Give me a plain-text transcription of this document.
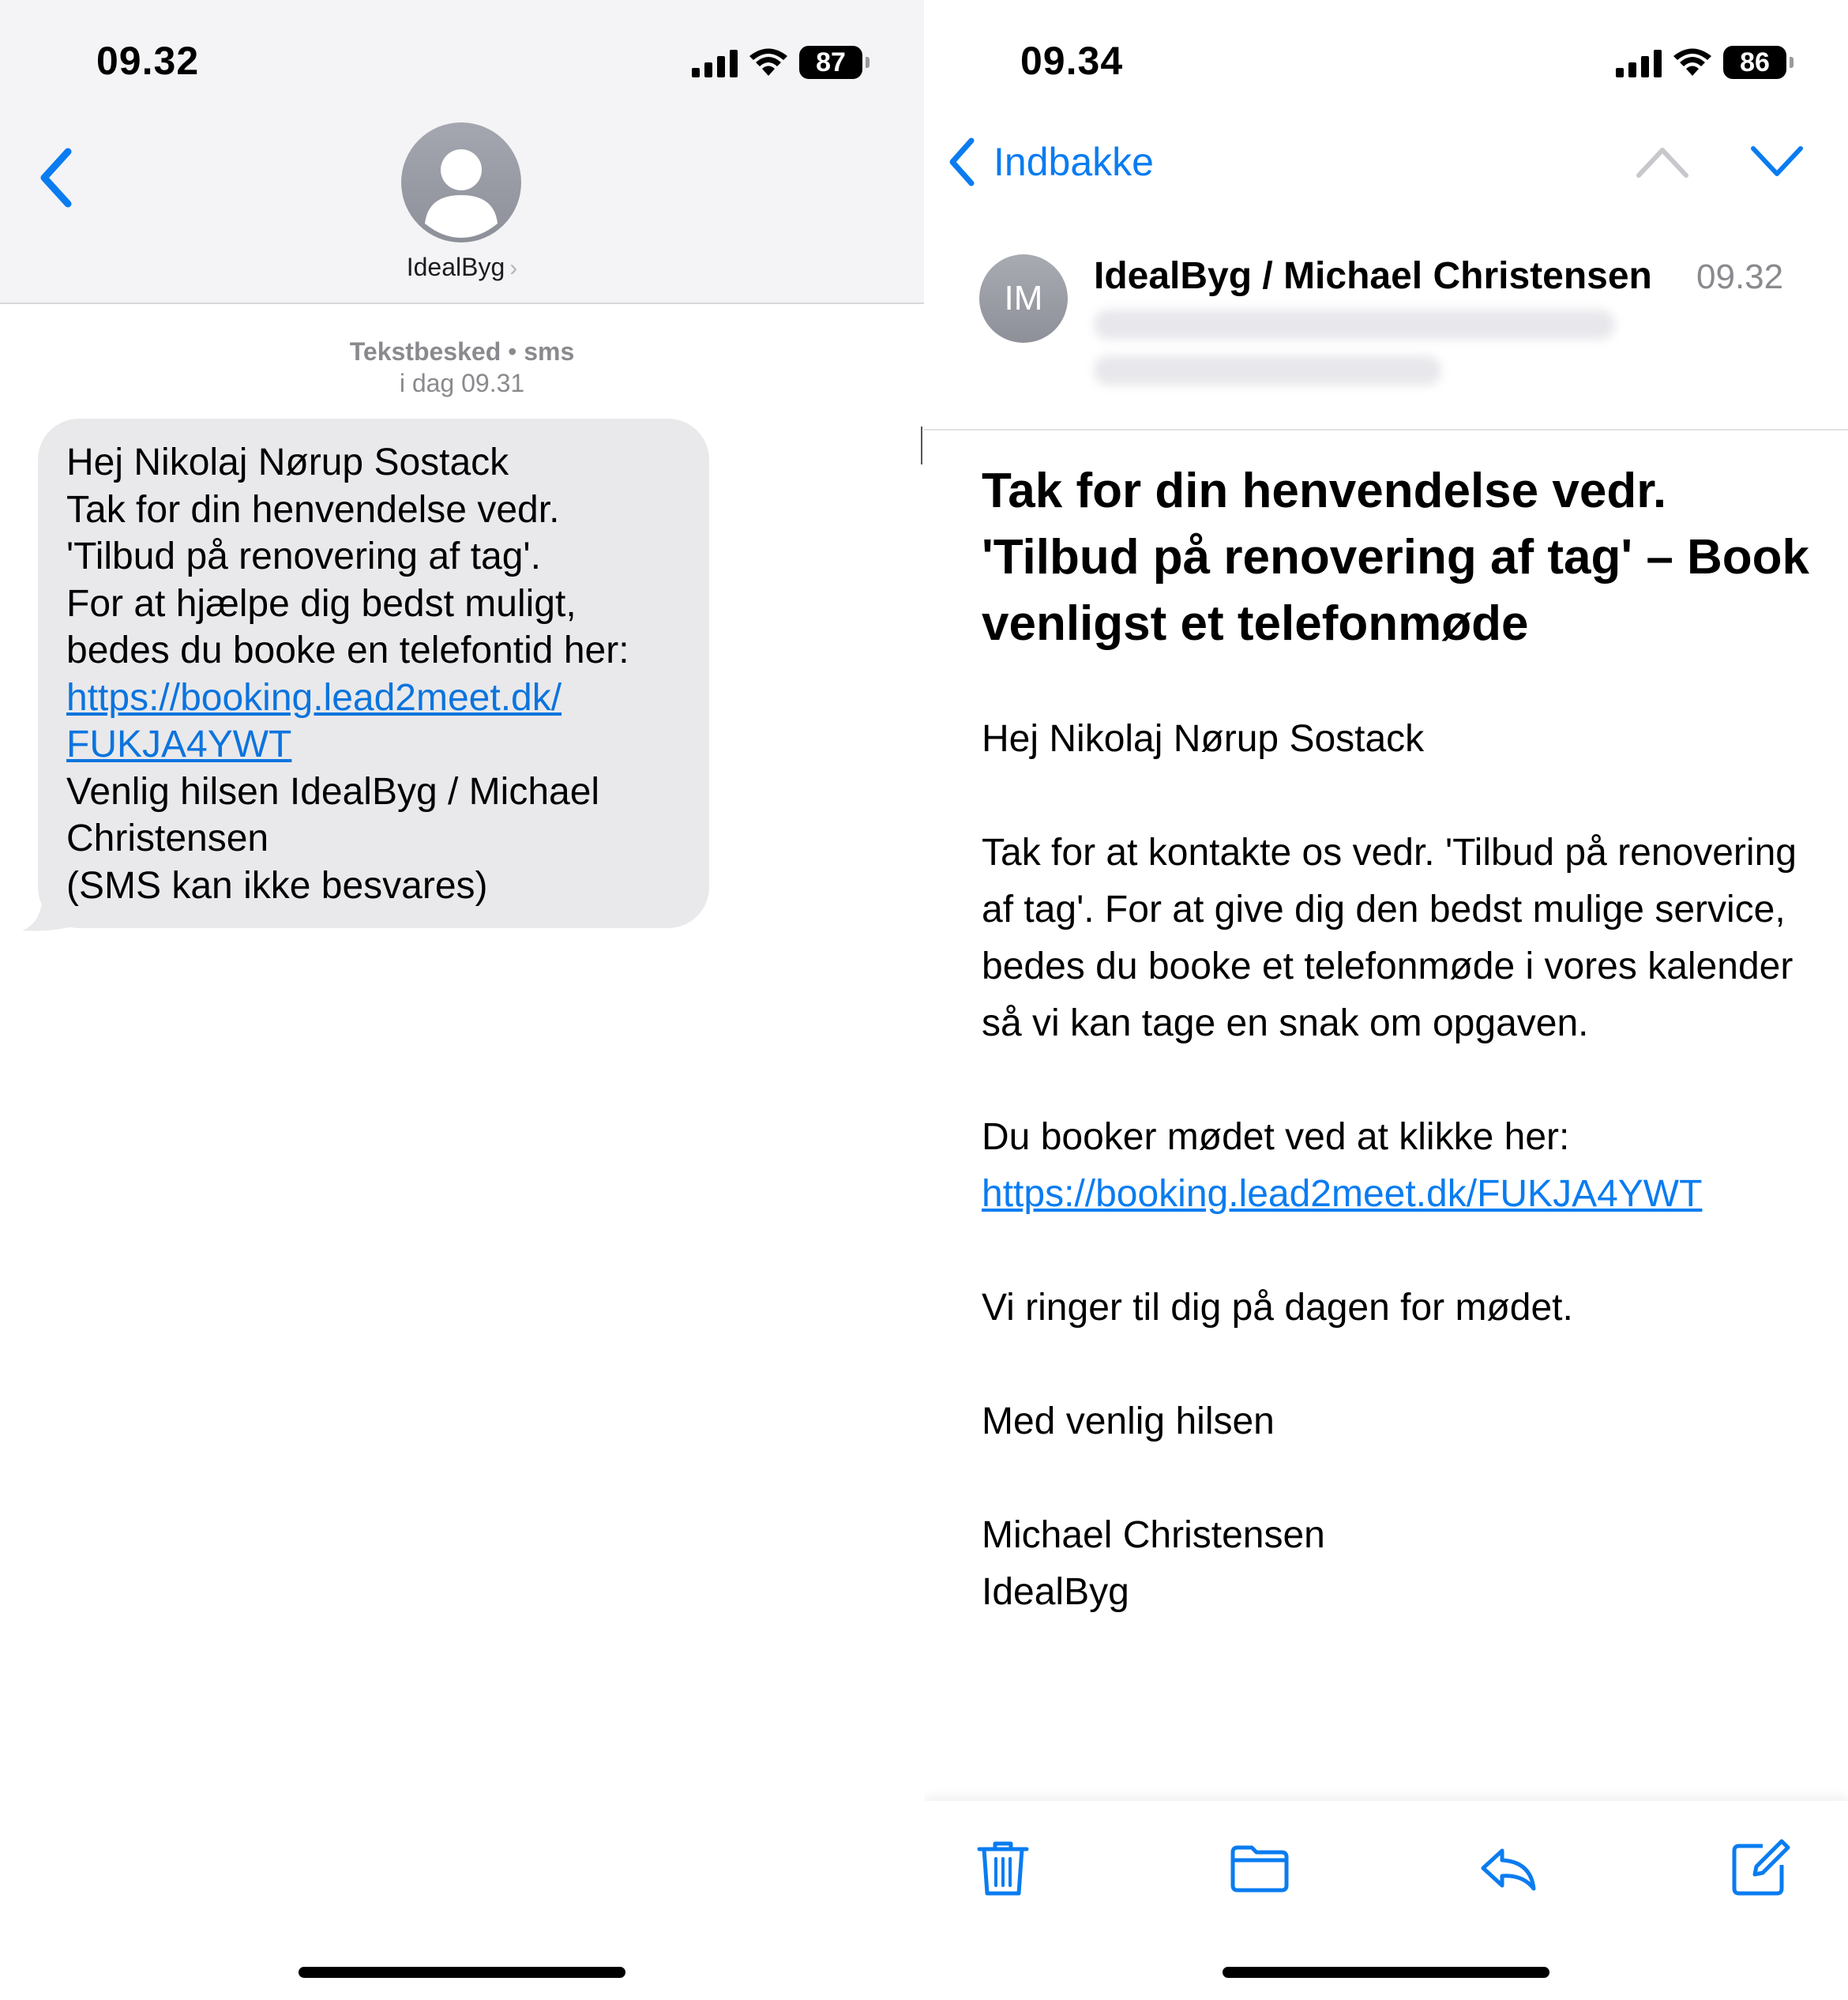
09.32	87
IdealByg ›
Tekstbesked • sms
i dag 09.31
Hej Nikolaj Nørup Sostack
Tak for din henvendelse vedr.
'Tilbud på renovering af tag'.
For at hjælpe dig bedst muligt,
bedes du booke en telefontid her:
https://booking.lead2meet.dk/
FUKJA4YWT
Venlig hilsen IdealByg / Michael
Christensen
(SMS kan ikke besvares)
09.34	86
Indbakke
IM
IdealByg / Michael Christensen 09.32
Tak for din henvendelse vedr. 'Tilbud på renovering af tag' – Book venligst et telefonmøde

Hej Nikolaj Nørup Sostack

Tak for at kontakte os vedr. 'Tilbud på renovering af tag'. For at give dig den bedst mulige service, bedes du booke et telefonmøde i vores kalender så vi kan tage en snak om opgaven.

Du booker mødet ved at klikke her: https://booking.lead2meet.dk/FUKJA4YWT

Vi ringer til dig på dagen for mødet.

Med venlig hilsen

Michael Christensen

IdealByg
